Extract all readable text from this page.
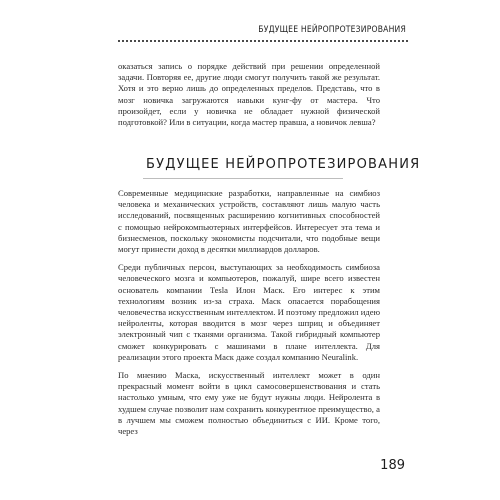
БУДУЩЕЕ НЕЙРОПРОТЕЗИРОВАНИЯ

оказаться запись о порядке действий при решении определенной задачи. Повторяя ее, другие люди смогут получить такой же результат. Хотя и это верно лишь до определенных пределов. Представь, что в мозг новичка загружаются навыки кунг-фу от мастера. Что произойдет, если у новичка не обладает нужной физической подготовкой? Или в ситуации, когда мастер правша, а новичок левша?

БУДУЩЕЕ НЕЙРОПРОТЕЗИРОВАНИЯ

Современные медицинские разработки, направленные на симбиоз человека и механических устройств, составляют лишь малую часть исследований, посвященных расширению когнитивных способностей с помощью нейрокомпьютерных интерфейсов. Интересует эта тема и бизнесменов, поскольку экономисты подсчитали, что подобные вещи могут принести доход в десятки миллиардов долларов.

Среди публичных персон, выступающих за необходимость симбиоза человеческого мозга и компьютеров, пожалуй, шире всего известен основатель компании Tesla Илон Маск. Его интерес к этим технологиям возник из-за страха. Маск опасается порабощения человечества искусственным интеллектом. И поэтому предложил идею нейроленты, которая вводится в мозг через шприц и объединяет электронный чип с тканями организма. Такой гибридный компьютер сможет конкурировать с машинами в плане интеллекта. Для реализации этого проекта Маск даже создал компанию Neuralink.

По мнению Маска, искусственный интеллект может в один прекрасный момент войти в цикл самосовершенствования и стать настолько умным, что ему уже не будут нужны люди. Нейролента в худшем случае позволит нам сохранить конкурентное преимущество, а в лучшем мы сможем полностью объединиться с ИИ. Кроме того, через

189
